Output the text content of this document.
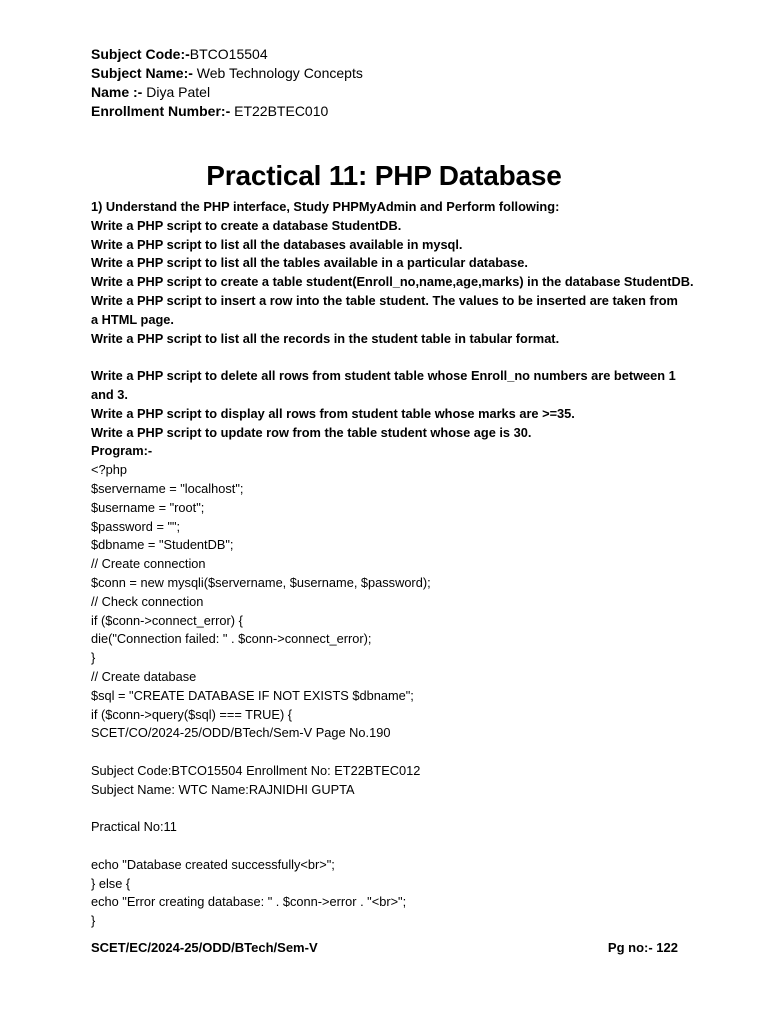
Subject Code:-BTCO15504
Subject Name:- Web Technology Concepts
Name :- Diya Patel
Enrollment Number:- ET22BTEC010
Practical 11: PHP Database
1) Understand the PHP interface, Study PHPMyAdmin and Perform following:
Write a PHP script to create a database StudentDB.
Write a PHP script to list all the databases available in mysql.
Write a PHP script to list all the tables available in a particular database.
Write a PHP script to create a table student(Enroll_no,name,age,marks) in the database StudentDB.
Write a PHP script to insert a row into the table student. The values to be inserted are taken from a HTML page.
Write a PHP script to list all the records in the student table in tabular format.
Write a PHP script to delete all rows from student table whose Enroll_no numbers are between 1 and 3.
Write a PHP script to display all rows from student table whose marks are >=35.
Write a PHP script to update row from the table student whose age is 30.
Program:-
<?php
$servername = "localhost";
$username = "root";
$password = "";
$dbname = "StudentDB";
// Create connection
$conn = new mysqli($servername, $username, $password);
// Check connection
if ($conn->connect_error) {
die("Connection failed: " . $conn->connect_error);
}
// Create database
$sql = "CREATE DATABASE IF NOT EXISTS $dbname";
if ($conn->query($sql) === TRUE) {
SCET/CO/2024-25/ODD/BTech/Sem-V Page No.190
Subject Code:BTCO15504 Enrollment No: ET22BTEC012
Subject Name: WTC Name:RAJNIDHI GUPTA
Practical No:11
echo "Database created successfully<br>";
} else {
echo "Error creating database: " . $conn->error . "<br>";
}
SCET/EC/2024-25/ODD/BTech/Sem-V	Pg no:- 122
